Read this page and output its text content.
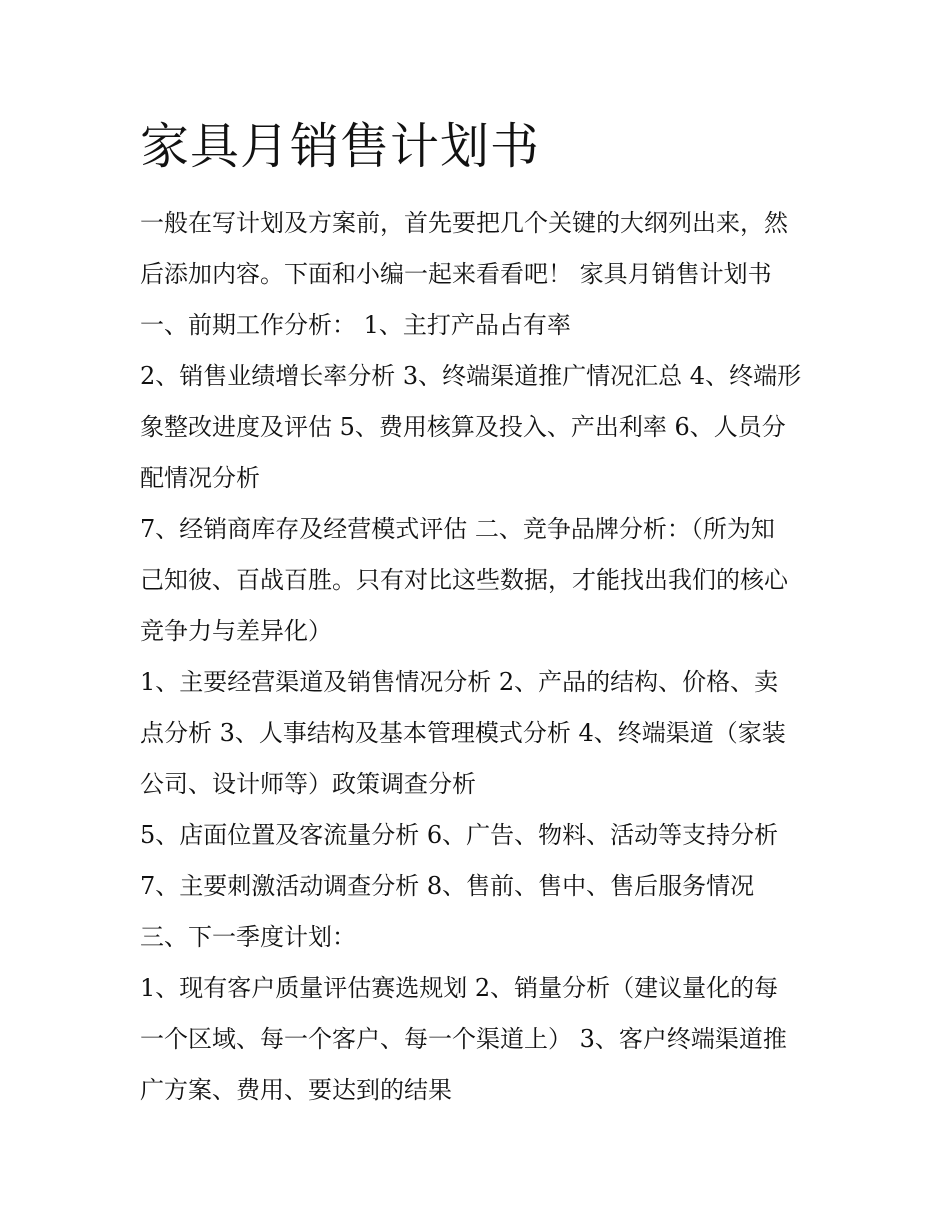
家具月销售计划书

一般在写计划及方案前，首先要把几个关键的大纲列出来，然

后添加内容。下面和小编一起来看看吧！ 家具月销售计划书

一、前期工作分析： 1、主打产品占有率

2、销售业绩增长率分析 3、终端渠道推广情况汇总 4、终端形

象整改进度及评估 5、费用核算及投入、产出利率 6、人员分

配情况分析

7、经销商库存及经营模式评估 二、竞争品牌分析：（所为知

己知彼、百战百胜。只有对比这些数据，才能找出我们的核心

竞争力与差异化）

1、主要经营渠道及销售情况分析 2、产品的结构、价格、卖

点分析 3、人事结构及基本管理模式分析 4、终端渠道（家装

公司、设计师等）政策调查分析

5、店面位置及客流量分析 6、广告、物料、活动等支持分析

7、主要刺激活动调查分析 8、售前、售中、售后服务情况

三、下一季度计划：

1、现有客户质量评估赛选规划 2、销量分析（建议量化的每

一个区域、每一个客户、每一个渠道上） 3、客户终端渠道推

广方案、费用、要达到的结果
